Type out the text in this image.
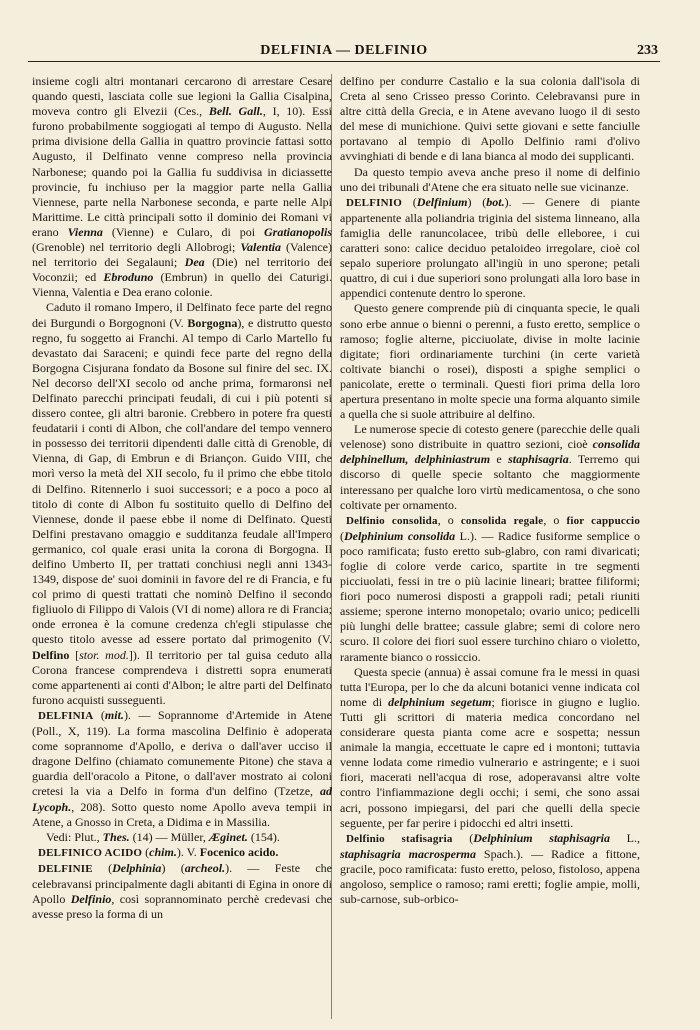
DELFINIA — DELFINIO	233

insieme cogli altri montanari cercarono di arrestare Cesare quando questi, lasciata colle sue legioni la Gallia Cisalpina, moveva contro gli Elvezii (Ces., Bell. Gall., I, 10). Essi furono probabilmente soggiogati al tempo di Augusto. Nella prima divisione della Gallia in quattro provincie fattasi sotto Augusto, il Delfinato venne compreso nella provincia Narbonese; quando poi la Gallia fu suddivisa in diciassette provincie, fu inchiuso per la maggior parte nella Gallia Viennese, parte nella Narbonese seconda, e parte nelle Alpi Marittime. Le città principali sotto il dominio dei Romani vi erano Vienna (Vienne) e Cularo, di poi Gratianopolis (Grenoble) nel territorio degli Allobrogi; Valentia (Valence) nel territorio dei Segalauni; Dea (Die) nel territorio dei Voconzii; ed Ebroduno (Embrun) in quello dei Caturigi. Vienna, Valentia e Dea erano colonie.

Caduto il romano Impero, il Delfinato fece parte del regno dei Burgundi o Borgognoni (V. Borgogna), e distrutto questo regno, fu soggetto ai Franchi. Al tempo di Carlo Martello fu devastato dai Saraceni; e quindi fece parte del regno della Borgogna Cisjurana fondato da Bosone sul finire del sec. IX. Nel decorso dell'XI secolo od anche prima, formaronsi nel Delfinato parecchi principati feudali, di cui i più potenti si dissero contee, gli altri baronie. Crebbero in potere fra questi feudatarii i conti di Albon, che coll'andare del tempo vennero in possesso dei territorii dipendenti dalle città di Grenoble, di Vienna, di Gap, di Embrun e di Briançon. Guido VIII, che morì verso la metà del XII secolo, fu il primo che ebbe titolo di Delfino. Ritennerlo i suoi successori; e a poco a poco al titolo di conte di Albon fu sostituito quello di Delfino del Viennese, donde il paese ebbe il nome di Delfinato. Questi Delfini prestavano omaggio e sudditanza feudale all'Impero germanico, col quale erasi unita la corona di Borgogna. Il delfino Umberto II, per trattati conchiusi negli anni 1343-1349, dispose de' suoi dominii in favore del re di Francia, e fu col primo di questi trattati che nominò Delfino il secondo figliuolo di Filippo di Valois (VI di nome) allora re di Francia; onde erronea è la comune credenza ch'egli stipulasse che questo titolo avesse ad essere portato dal primogenito (V. Delfino [stor. mod.]). Il territorio per tal guisa ceduto alla Corona francese comprendeva i distretti sopra enumerati come appartenenti ai conti d'Albon; le altre parti del Delfinato furono acquisti susseguenti.

DELFINIA (mit.). — Soprannome d'Artemide in Atene (Poll., X, 119). La forma mascolina Delfinio è adoperata come soprannome d'Apollo, e deriva o dall'aver ucciso il dragone Delfino (chiamato comunemente Pitone) che stava a guardia dell'oracolo a Pitone, o dall'aver mostrato ai coloni cretesi la via a Delfo in forma d'un delfino (Tzetze, ad Lycoph., 208). Sotto questo nome Apollo aveva tempii in Atene, a Gnosso in Creta, a Didima e in Massilia.

Vedi: Plut., Thes. (14) — Müller, Æginet. (154).

DELFINICO ACIDO (chim.). V. Focenico acido.

DELFINIE (Delphinia) (archeol.). — Feste che celebravansi principalmente dagli abitanti di Egina in onore di Apollo Delfinio, così soprannominato perchè credevasi che avesse preso la forma di un

delfino per condurre Castalio e la sua colonia dall'isola di Creta al seno Crisseo presso Corinto. Celebravansi pure in altre città della Grecia, e in Atene avevano luogo il di sesto del mese di munichione. Quivi sette giovani e sette fanciulle portavano al tempio di Apollo Delfinio rami d'olivo avvinghiati di bende e di lana bianca al modo dei supplicanti.

Da questo tempio aveva anche preso il nome di delfinio uno dei tribunali d'Atene che era situato nelle sue vicinanze.

DELFINIO (Delfinium) (bot.). — Genere di piante appartenente alla poliandria triginia del sistema linneano, alla famiglia delle ranuncolacee, tribù delle elleboree, i cui caratteri sono: calice deciduo petaloideo irregolare, cioè col sepalo superiore prolungato all'ingiù in uno sperone; petali quattro, di cui i due superiori sono prolungati alla loro base in appendici contenute dentro lo sperone.

Questo genere comprende più di cinquanta specie, le quali sono erbe annue o bienni o perenni, a fusto eretto, semplice o ramoso; foglie alterne, picciuolate, divise in molte lacinie digitate; fiori ordinariamente turchini (in certe varietà coltivate bianchi o rosei), disposti a spighe semplici o panicolate, erette o terminali. Questi fiori prima della loro apertura presentano in molte specie una forma alquanto simile a quella che si suole attribuire al delfino.

Le numerose specie di cotesto genere (parecchie delle quali velenose) sono distribuite in quattro sezioni, cioè consolida delphinellum, delphiniastrum e staphisagria. Terremo qui discorso di quelle specie soltanto che maggiormente interessano per qualche loro virtù medicamentosa, o che sono coltivate per ornamento.

Delfinio consolida, o consolida regale, o fior cappuccio (Delphinium consolida L.). — Radice fusiforme semplice o poco ramificata; fusto eretto sub-glabro, con rami divaricati; foglie di colore verde carico, spartite in tre segmenti picciuolati, fessi in tre o più lacinie lineari; brattee filiformi; fiori poco numerosi disposti a grappoli radi; petali riuniti assieme; sperone interno monopetalo; ovario unico; pedicelli più lunghi delle brattee; cassule glabre; semi di colore nero scuro. Il colore dei fiori suol essere turchino chiaro o violetto, raramente bianco o rossiccio.

Questa specie (annua) è assai comune fra le messi in quasi tutta l'Europa, per lo che da alcuni botanici venne indicata col nome di delphinium segetum; fiorisce in giugno e luglio. Tutti gli scrittori di materia medica concordano nel considerare questa pianta come acre e sospetta; nessun animale la mangia, eccettuate le capre ed i montoni; tuttavia venne lodata come rimedio vulnerario e astringente; e i suoi fiori, macerati nell'acqua di rose, adoperavansi altre volte contro l'infiammazione degli occhi; i semi, che sono assai acri, possono impiegarsi, del pari che quelli della specie seguente, per far perire i pidocchi ed altri insetti.

Delfinio stafisagria (Delphinium staphisagria L., staphisagria macrosperma Spach.). — Radice a fittone, gracile, poco ramificata: fusto eretto, peloso, fistoloso, appena angoloso, semplice o ramoso; rami eretti; foglie ampie, molli, sub-carnose, sub-orbico-
